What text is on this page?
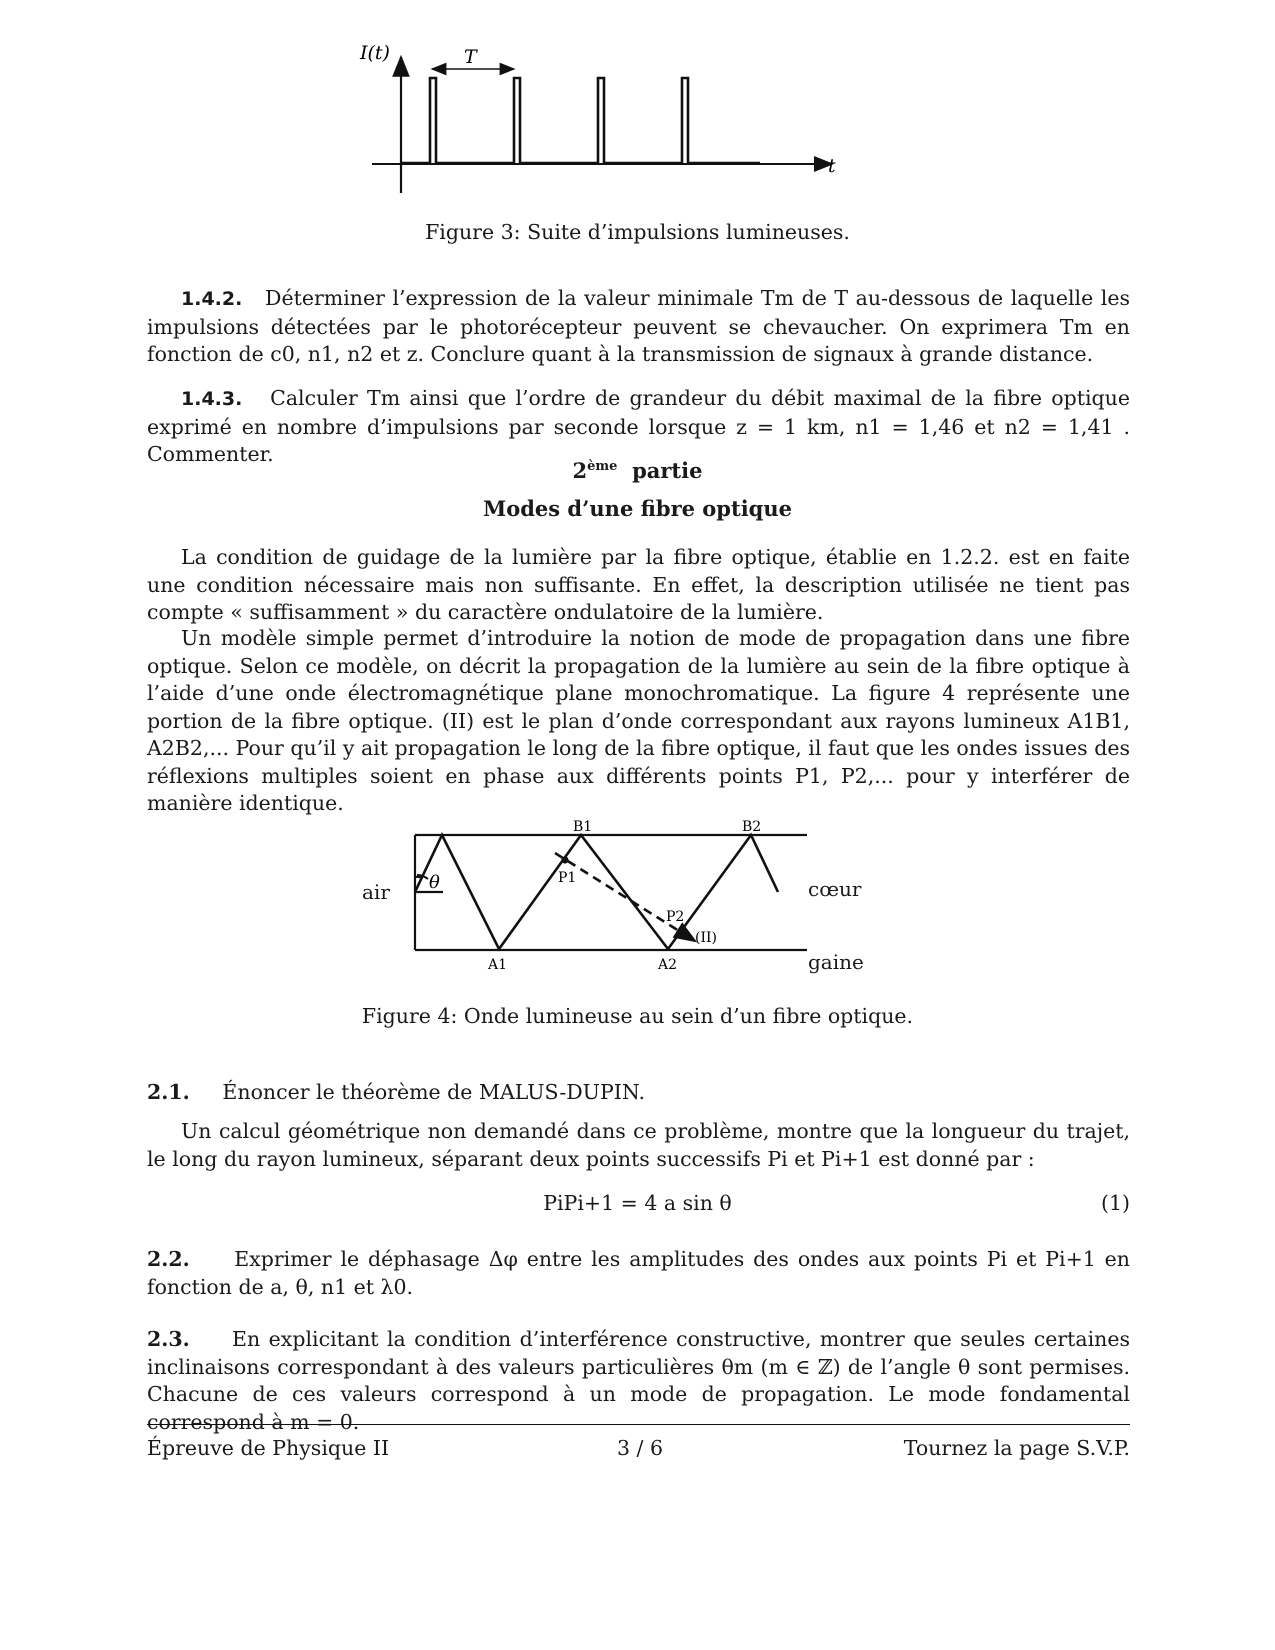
I(t)	T
t
Figure 3: Suite d’impulsions lumineuses.
1.4.2. Déterminer l’expression de la valeur minimale Tm de T au-dessous de laquelle les impulsions détectées par le photorécepteur peuvent se chevaucher. On exprimera Tm en fonction de c0, n1, n2 et z. Conclure quant à la transmission de signaux à grande distance.
1.4.3. Calculer Tm ainsi que l’ordre de grandeur du débit maximal de la fibre optique exprimé en nombre d’impulsions par seconde lorsque z = 1 km, n1 = 1,46 et n2 = 1,41 . Commenter.
2ème partie
Modes d’une fibre optique
La condition de guidage de la lumière par la fibre optique, établie en 1.2.2. est en faite une condition nécessaire mais non suffisante. En effet, la description utilisée ne tient pas compte « suffisamment » du caractère ondulatoire de la lumière.
Un modèle simple permet d’introduire la notion de mode de propagation dans une fibre optique. Selon ce modèle, on décrit la propagation de la lumière au sein de la fibre optique à l’aide d’une onde électromagnétique plane monochromatique. La figure 4 représente une portion de la fibre optique. (II) est le plan d’onde correspondant aux rayons lumineux A1B1, A2B2,... Pour qu’il y ait propagation le long de la fibre optique, il faut que les ondes issues des réflexions multiples soient en phase aux différents points P1, P2,... pour y interférer de manière identique.
θ
B1	B2
A1	A2
P1
P2
(II)
air	cœur
gaine
Figure 4: Onde lumineuse au sein d’un fibre optique.
2.1. Énoncer le théorème de MALUS-DUPIN.
Un calcul géométrique non demandé dans ce problème, montre que la longueur du trajet, le long du rayon lumineux, séparant deux points successifs Pi et Pi+1 est donné par :
PiPi+1 = 4 a sin θ	(1)
2.2. Exprimer le déphasage Δφ entre les amplitudes des ondes aux points Pi et Pi+1 en fonction de a, θ, n1 et λ0.
2.3. En explicitant la condition d’interférence constructive, montrer que seules certaines inclinaisons correspondant à des valeurs particulières θm (m ∈ ℤ) de l’angle θ sont permises. Chacune de ces valeurs correspond à un mode de propagation. Le mode fondamental correspond à m = 0.
Épreuve de Physique II	3 / 6	Tournez la page S.V.P.
